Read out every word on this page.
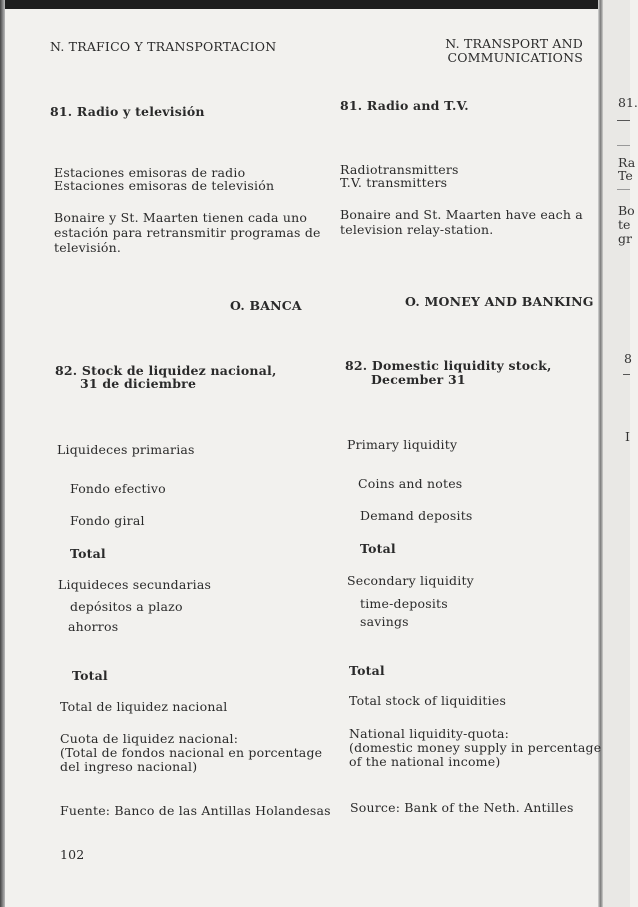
N. TRAFICO Y TRANSPORTACION	N. TRANSPORT AND
COMMUNICATIONS
81. Radio y televisión	81. Radio and T.V.
Estaciones emisoras de radio
Estaciones emisoras de televisión
Radiotransmitters
T.V. transmitters
Bonaire y St. Maarten tienen cada uno
estación para retransmitir programas de
televisión.
Bonaire and St. Maarten have each a
television relay-station.
O. BANCA	O. MONEY AND BANKING
82. Stock de liquidez nacional,
31 de diciembre
82. Domestic liquidity stock,
December 31
Liquideces primarias
Fondo efectivo
Fondo giral
Total
Liquideces secundarias
depósitos a plazo
ahorros
Total
Total de liquidez nacional
Cuota de liquidez nacional:
(Total de fondos nacional en porcentage
del ingreso nacional)
Fuente: Banco de las Antillas Holandesas
Primary liquidity
Coins and notes
Demand deposits
Total
Secondary liquidity
time-deposits
savings
Total
Total stock of liquidities
National liquidity-quota:
(domestic money supply in percentage
of the national income)
Source: Bank of the Neth. Antilles
102
81.
Ra
Te
Bo
te
gr
8
I
